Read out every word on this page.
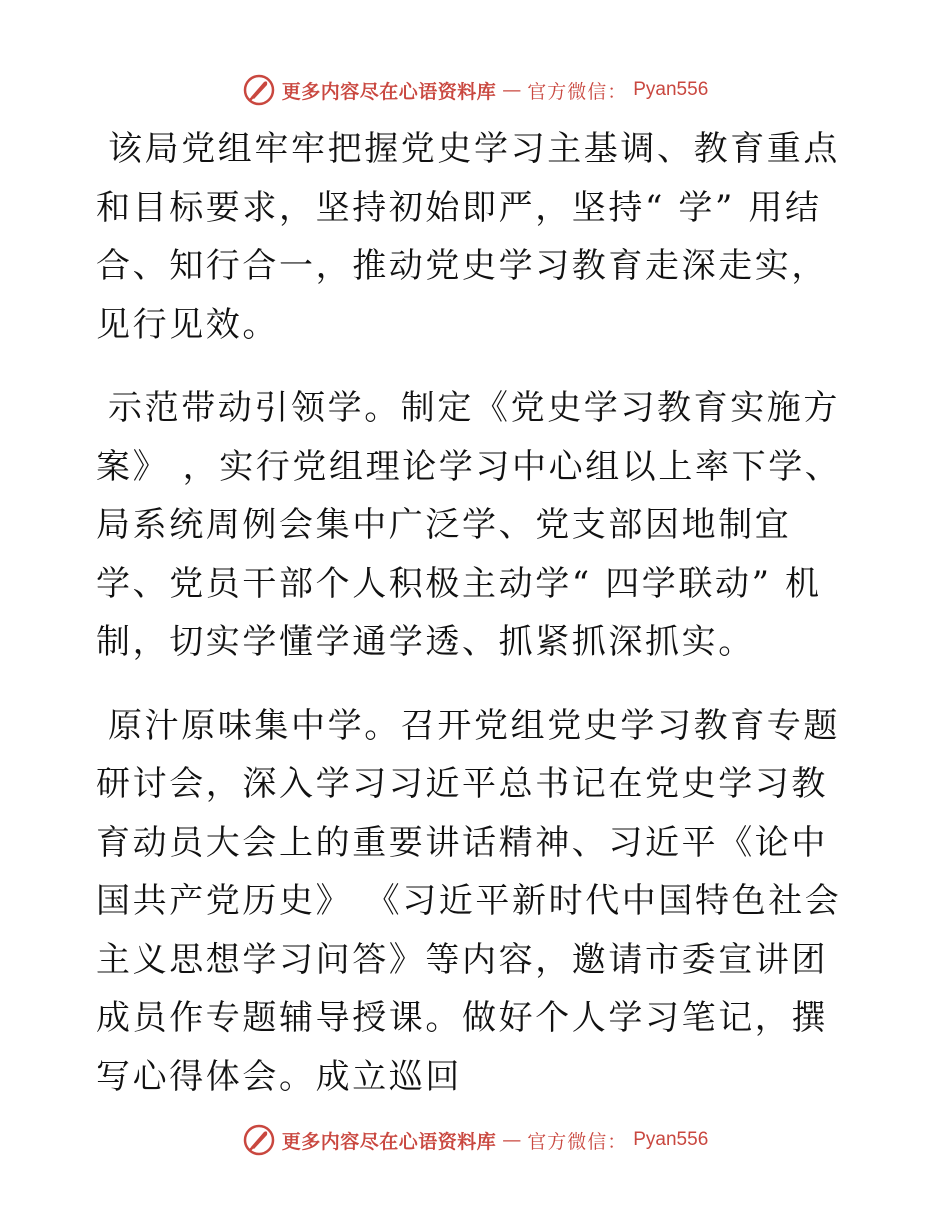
更多内容尽在心语资料库 — 官方微信： Pyan556

该局党组牢牢把握党史学习主基调、教育重点和目标要求，坚持初始即严，坚持“ 学” 用结合、知行合一，推动党史学习教育走深走实，见行见效。

示范带动引领学。制定《党史学习教育实施方案》 ，实行党组理论学习中心组以上率下学、局系统周例会集中广泛学、党支部因地制宜学、党员干部个人积极主动学“ 四学联动” 机制，切实学懂学通学透、抓紧抓深抓实。

原汁原味集中学。召开党组党史学习教育专题研讨会，深入学习习近平总书记在党史学习教育动员大会上的重要讲话精神、习近平《论中国共产党历史》 《习近平新时代中国特色社会主义思想学习问答》等内容，邀请市委宣讲团成员作专题辅导授课。做好个人学习笔记，撰写心得体会。成立巡回

更多内容尽在心语资料库 — 官方微信： Pyan556
